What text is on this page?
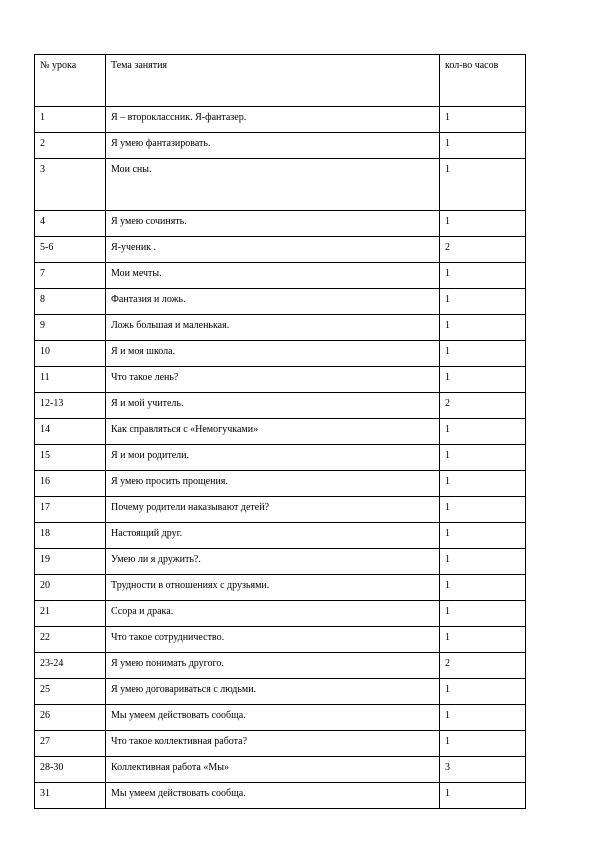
№ урока	Тема занятия	кол-во часов
1	Я – второклассник. Я-фантазер.	1
2	Я умею фантазировать.	1
3	Мои сны.	1
4	Я умею сочинять.	1
5-6	Я-ученик .	2
7	Мои мечты.	1
8	Фантазия и ложь.	1
9	Ложь большая и маленькая.	1
10	Я и моя школа.	1
11	Что такое лень?	1
12-13	Я и мой учитель.	2
14	Как справляться с «Немогучками»	1
15	Я и мои родители.	1
16	Я умею просить прощения.	1
17	Почему родители наказывают детей?	1
18	Настоящий друг.	1
19	Умею ли я дружить?.	1
20	Трудности в отношениях с друзьями.	1
21	Ссора и драка.	1
22	Что такое сотрудничество.	1
23-24	Я умею понимать другого.	2
25	Я умею договариваться с людьми.	1
26	Мы умеем действовать сообща.	1
27	Что такое коллективная работа?	1
28-30	Коллективная работа «Мы»	3
31	Мы умеем действовать сообща.	1
